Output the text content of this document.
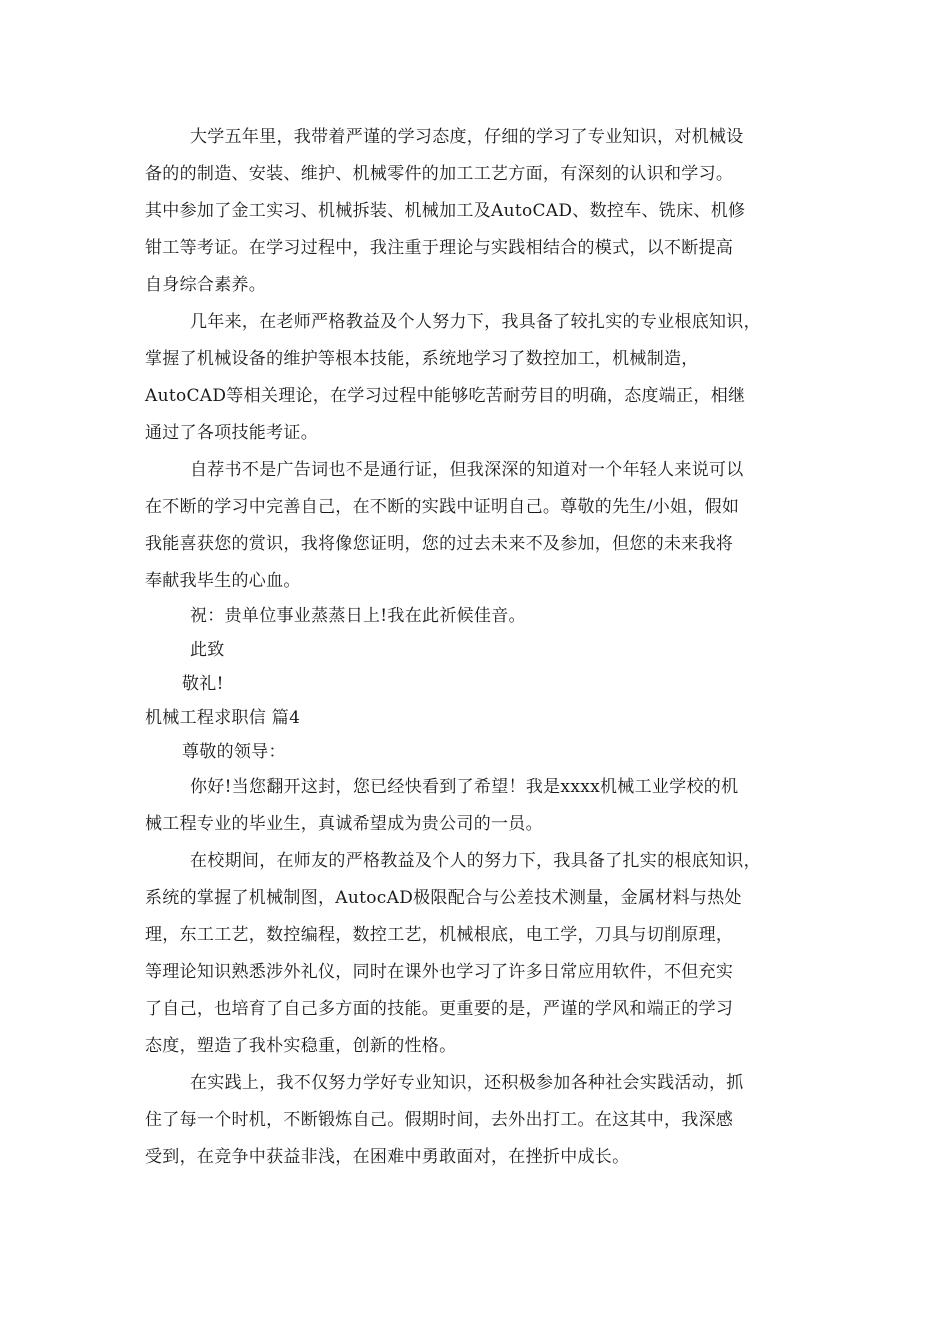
大学五年里，我带着严谨的学习态度，仔细的学习了专业知识，对机械设
备的的制造、安装、维护、机械零件的加工工艺方面，有深刻的认识和学习。
其中参加了金工实习、机械拆装、机械加工及AutoCAD、数控车、铣床、机修
钳工等考证。在学习过程中，我注重于理论与实践相结合的模式，以不断提高
自身综合素养。
几年来，在老师严格教益及个人努力下，我具备了较扎实的专业根底知识，
掌握了机械设备的维护等根本技能，系统地学习了数控加工，机械制造，
AutoCAD等相关理论，在学习过程中能够吃苦耐劳目的明确，态度端正，相继
通过了各项技能考证。
自荐书不是广告词也不是通行证，但我深深的知道对一个年轻人来说可以
在不断的学习中完善自己，在不断的实践中证明自己。尊敬的先生/小姐，假如
我能喜获您的赏识，我将像您证明，您的过去未来不及参加，但您的未来我将
奉献我毕生的心血。
祝：贵单位事业蒸蒸日上!我在此祈候佳音。
此致
敬礼!
机械工程求职信 篇4
尊敬的领导：
你好!当您翻开这封，您已经快看到了希望！我是xxxx机械工业学校的机
械工程专业的毕业生，真诚希望成为贵公司的一员。
在校期间，在师友的严格教益及个人的努力下，我具备了扎实的根底知识，
系统的掌握了机械制图，AutocAD极限配合与公差技术测量，金属材料与热处
理，东工工艺，数控编程，数控工艺，机械根底，电工学，刀具与切削原理，
等理论知识熟悉涉外礼仪，同时在课外也学习了许多日常应用软件，不但充实
了自己，也培育了自己多方面的技能。更重要的是，严谨的学风和端正的学习
态度，塑造了我朴实稳重，创新的性格。
在实践上，我不仅努力学好专业知识，还积极参加各种社会实践活动，抓
住了每一个时机，不断锻炼自己。假期时间，去外出打工。在这其中，我深感
受到，在竞争中获益非浅，在困难中勇敢面对，在挫折中成长。
